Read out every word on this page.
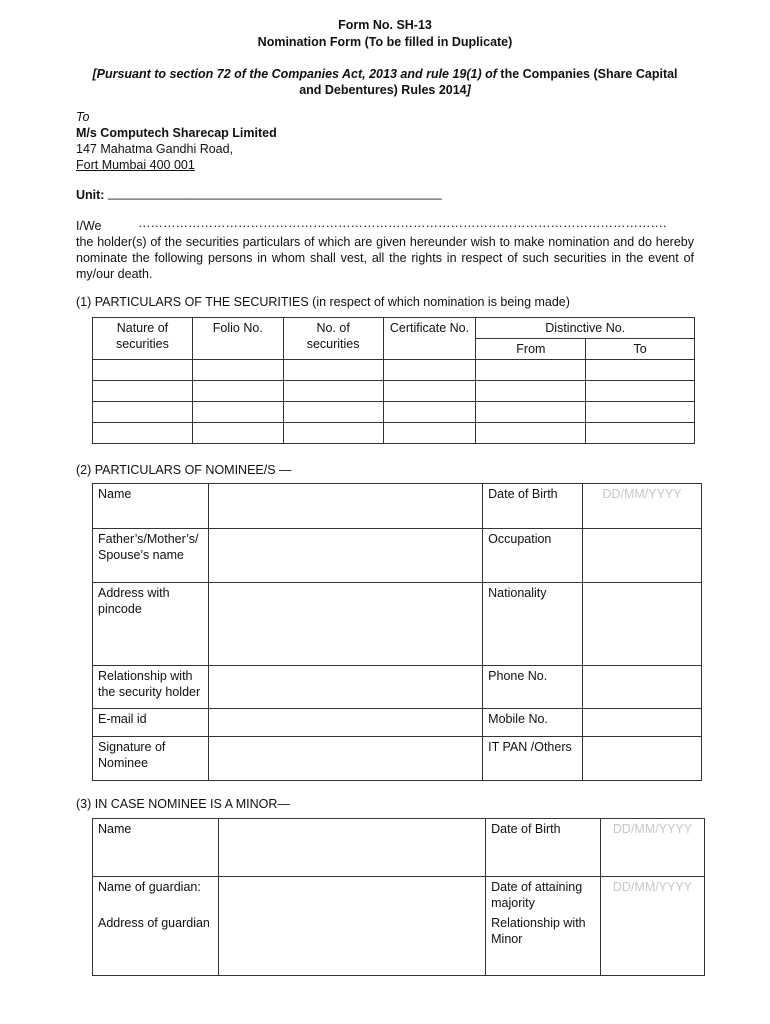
Form No. SH-13
Nomination Form (To be filled in Duplicate)
[Pursuant to section 72 of the Companies Act, 2013 and rule 19(1) of the Companies (Share Capital
and Debentures) Rules 2014]
To
M/s Computech Sharecap Limited
147 Mahatma Gandhi Road,
Fort Mumbai 400 001
Unit: ________________________________________________
I/We	……………………………………………………………………………………………………………….
the holder(s) of the securities particulars of which are given hereunder wish to make nomination and do hereby nominate the following persons in whom shall vest, all the rights in respect of such securities in the event of my/our death.
(1) PARTICULARS OF THE SECURITIES (in respect of which nomination is being made)
Nature of securities	Folio No.	No. of securities	Certificate No.	Distinctive No.	
				From	To

(2) PARTICULARS OF NOMINEE/S —
Name		Date of Birth	DD/MM/YYYY
Father’s/Mother’s/ Spouse’s name		Occupation	
Address with pincode		Nationality	
Relationship with the security holder		Phone No.	
E-mail id		Mobile No.	
Signature of Nominee		IT PAN /Others	
(3) IN CASE NOMINEE IS A MINOR—
Name		Date of Birth	DD/MM/YYYY
Name of guardian:		Date of attaining majority	DD/MM/YYYY
Address of guardian		Relationship with Minor	
